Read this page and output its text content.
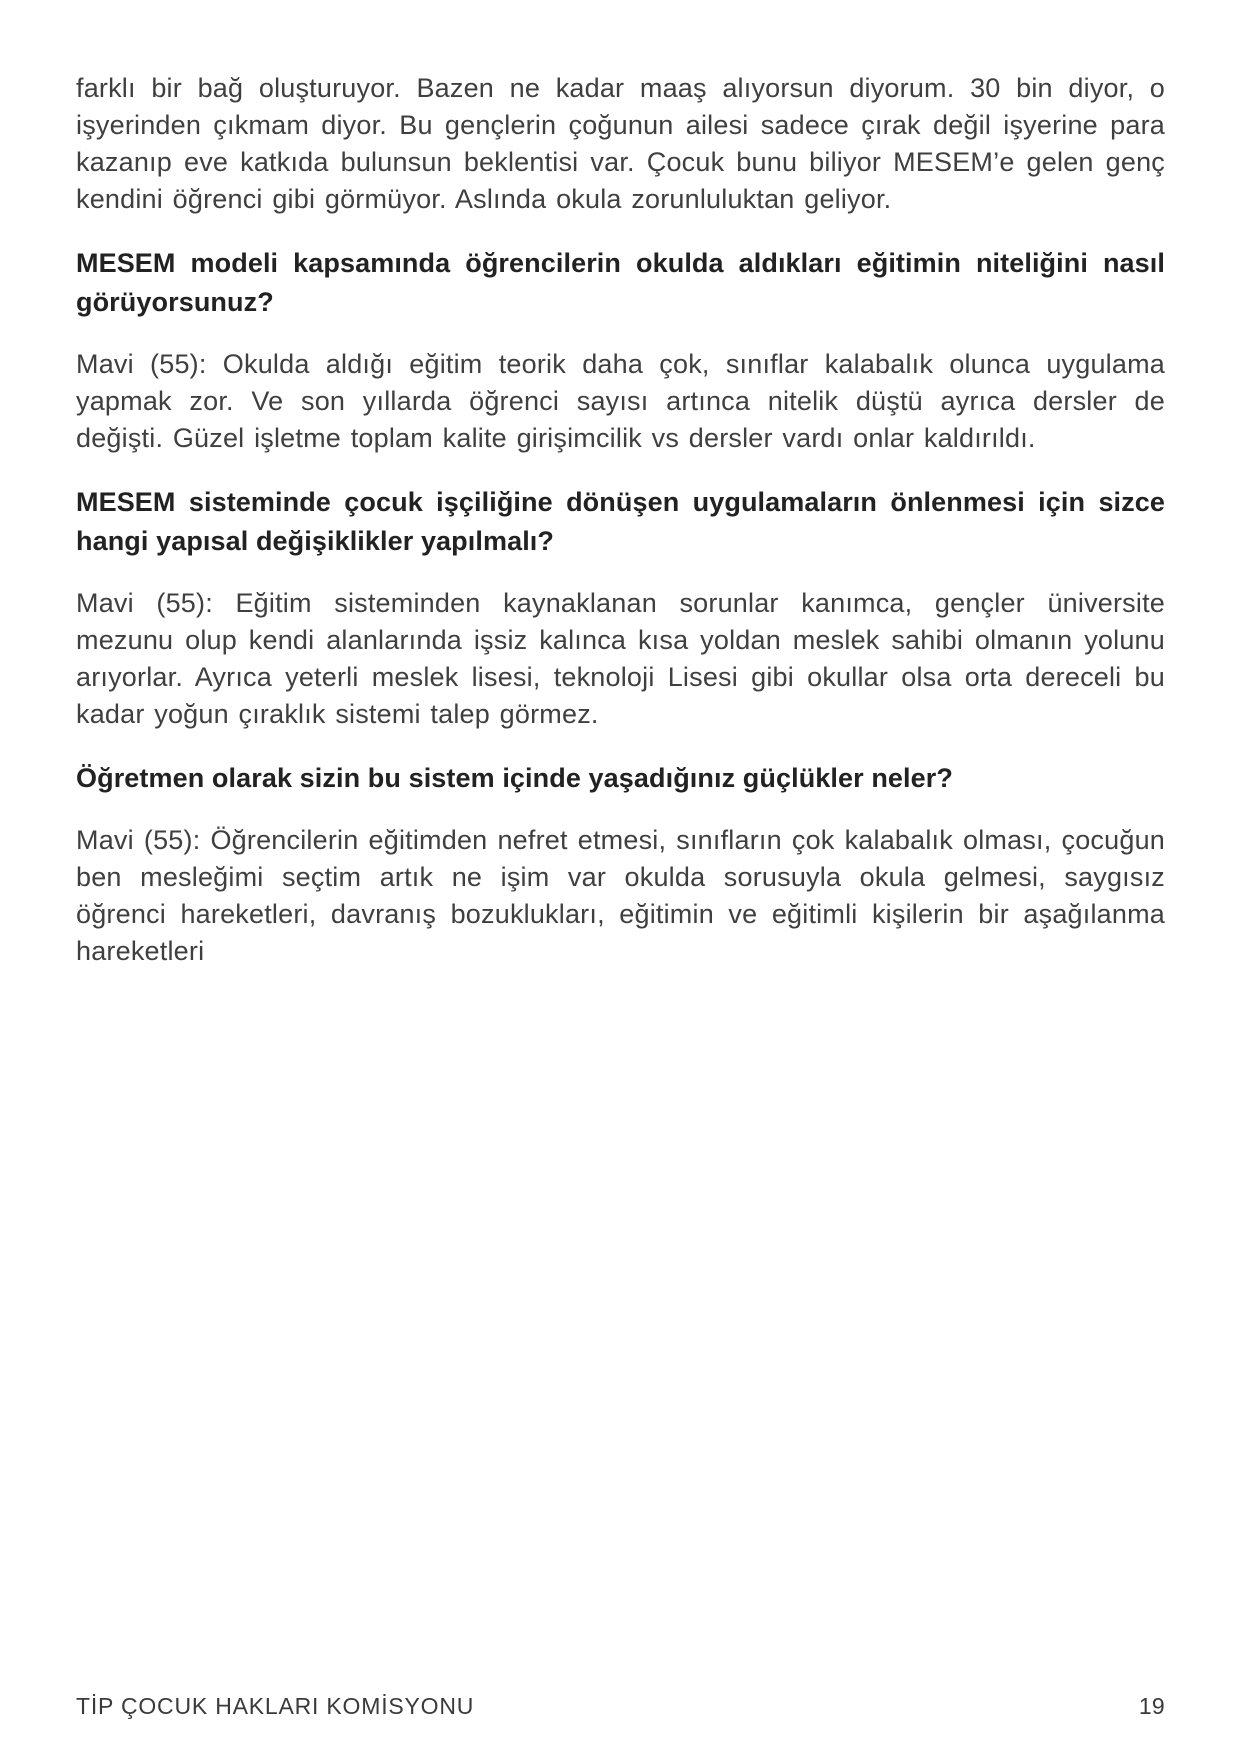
farklı bir bağ oluşturuyor. Bazen ne kadar maaş alıyorsun diyorum. 30 bin diyor, o işyerinden çıkmam diyor. Bu gençlerin çoğunun ailesi sadece çırak değil işyerine para kazanıp eve katkıda bulunsun beklentisi var. Çocuk bunu biliyor MESEM’e gelen genç kendini öğrenci gibi görmüyor. Aslında okula zorunluluktan geliyor.

MESEM modeli kapsamında öğrencilerin okulda aldıkları eğitimin niteliğini nasıl görüyorsunuz?

Mavi (55): Okulda aldığı eğitim teorik daha çok, sınıflar kalabalık olunca uygulama yapmak zor. Ve son yıllarda öğrenci sayısı artınca nitelik düştü ayrıca dersler de değişti. Güzel işletme toplam kalite girişimcilik vs dersler vardı onlar kaldırıldı.

MESEM sisteminde çocuk işçiliğine dönüşen uygulamaların önlenmesi için sizce hangi yapısal değişiklikler yapılmalı?

Mavi (55): Eğitim sisteminden kaynaklanan sorunlar kanımca, gençler üniversite mezunu olup kendi alanlarında işsiz kalınca kısa yoldan meslek sahibi olmanın yolunu arıyorlar. Ayrıca yeterli meslek lisesi, teknoloji Lisesi gibi okullar olsa orta dereceli bu kadar yoğun çıraklık sistemi talep görmez.

Öğretmen olarak sizin bu sistem içinde yaşadığınız güçlükler neler?

Mavi (55): Öğrencilerin eğitimden nefret etmesi, sınıfların çok kalabalık olması, çocuğun ben mesleğimi seçtim artık ne işim var okulda sorusuyla okula gelmesi, saygısız öğrenci hareketleri, davranış bozuklukları, eğitimin ve eğitimli kişilerin bir aşağılanma hareketleri

TİP ÇOCUK HAKLARI KOMİSYONU	19
